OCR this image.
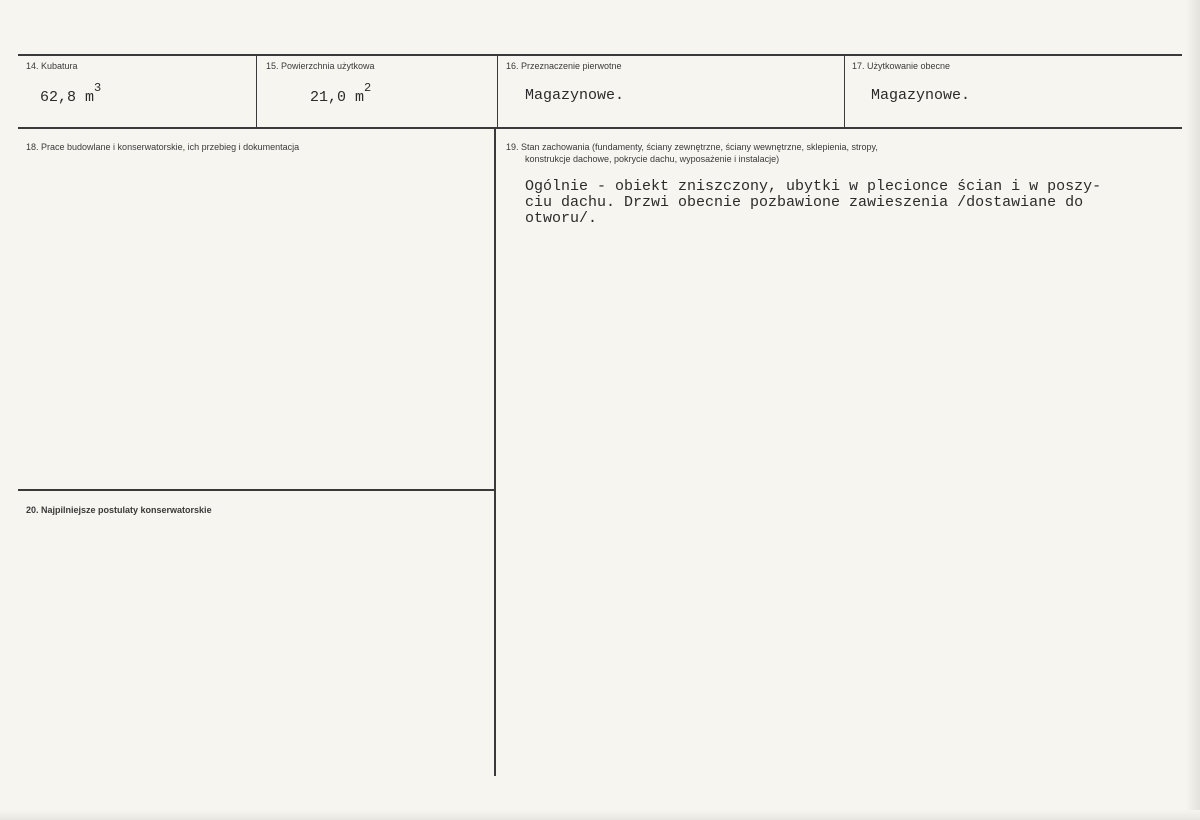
14. Kubatura
62,8 $m^3$
15. Powierzchnia użytkowa
21,0 $m^2$
16. Przeznaczenie pierwotne
Magazynowe.
17. Użytkowanie obecne
Magazynowe.
18. Prace budowlane i konserwatorskie, ich przebieg i dokumentacja	19. Stan zachowania (fundamenty, ściany zewnętrzne, ściany wewnętrzne, sklepienia, stropy,
konstrukcje dachowe, pokrycie dachu, wyposażenie i instalacje)
Ogólnie - obiekt zniszczony, ubytki w plecionce ścian i w poszy-
ciu dachu. Drzwi obecnie pozbawione zawieszenia /dostawiane do
otworu/.
20. Najpilniejsze postulaty konserwatorskie
